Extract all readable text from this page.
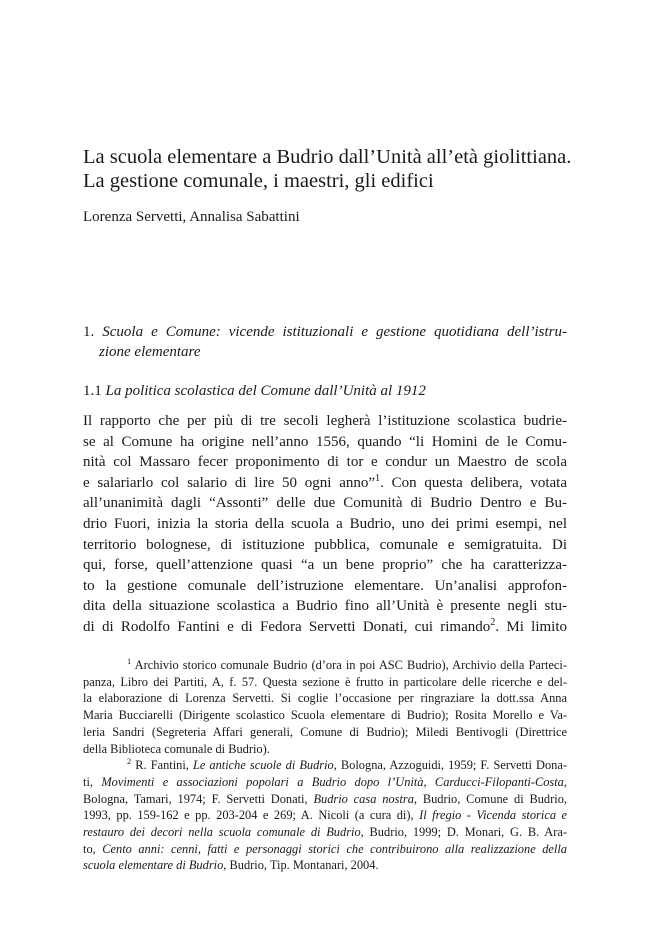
La scuola elementare a Budrio dall’Unità all’età giolittiana.
La gestione comunale, i maestri, gli edifici
Lorenza Servetti, Annalisa Sabattini
1. Scuola e Comune: vicende istituzionali e gestione quotidiana dell’istru-
zione elementare
1.1 La politica scolastica del Comune dall’Unità al 1912
Il rapporto che per più di tre secoli legherà l’istituzione scolastica budrie-
se al Comune ha origine nell’anno 1556, quando “li Homini de le Comu-
nità col Massaro fecer proponimento di tor e condur un Maestro de scola
e salariarlo col salario di lire 50 ogni anno”$^1$. Con questa delibera, votata
all’unanimità dagli “Assonti” delle due Comunità di Budrio Dentro e Bu-
drio Fuori, inizia la storia della scuola a Budrio, uno dei primi esempi, nel
territorio bolognese, di istituzione pubblica, comunale e semigratuita. Di
qui, forse, quell’attenzione quasi “a un bene proprio” che ha caratterizza-
to la gestione comunale dell’istruzione elementare. Un’analisi approfon-
dita della situazione scolastica a Budrio fino all’Unità è presente negli stu-
di di Rodolfo Fantini e di Fedora Servetti Donati, cui rimando$^2$. Mi limito
$^1$ Archivio storico comunale Budrio (d’ora in poi ASC Budrio), Archivio della Parteci-
panza, Libro dei Partiti, A, f. 57. Questa sezione è frutto in particolare delle ricerche e del-
la elaborazione di Lorenza Servetti. Si coglie l’occasione per ringraziare la dott.ssa Anna
Maria Bucciarelli (Dirigente scolastico Scuola elementare di Budrio); Rosita Morello e Va-
leria Sandri (Segreteria Affari generali, Comune di Budrio); Miledi Bentivogli (Direttrice
della Biblioteca comunale di Budrio).
$^2$ R. Fantini, Le antiche scuole di Budrio, Bologna, Azzoguidi, 1959; F. Servetti Dona-
ti, Movimenti e associazioni popolari a Budrio dopo l’Unità, Carducci-Filopanti-Costa,
Bologna, Tamari, 1974; F. Servetti Donati, Budrio casa nostra, Budrio, Comune di Budrio,
1993, pp. 159-162 e pp. 203-204 e 269; A. Nicoli (a cura di), Il fregio - Vicenda storica e
restauro dei decori nella scuola comunale di Budrio, Budrio, 1999; D. Monari, G. B. Ara-
to, Cento anni: cenni, fatti e personaggi storici che contribuirono alla realizzazione della
scuola elementare di Budrio, Budrio, Tip. Montanari, 2004.
